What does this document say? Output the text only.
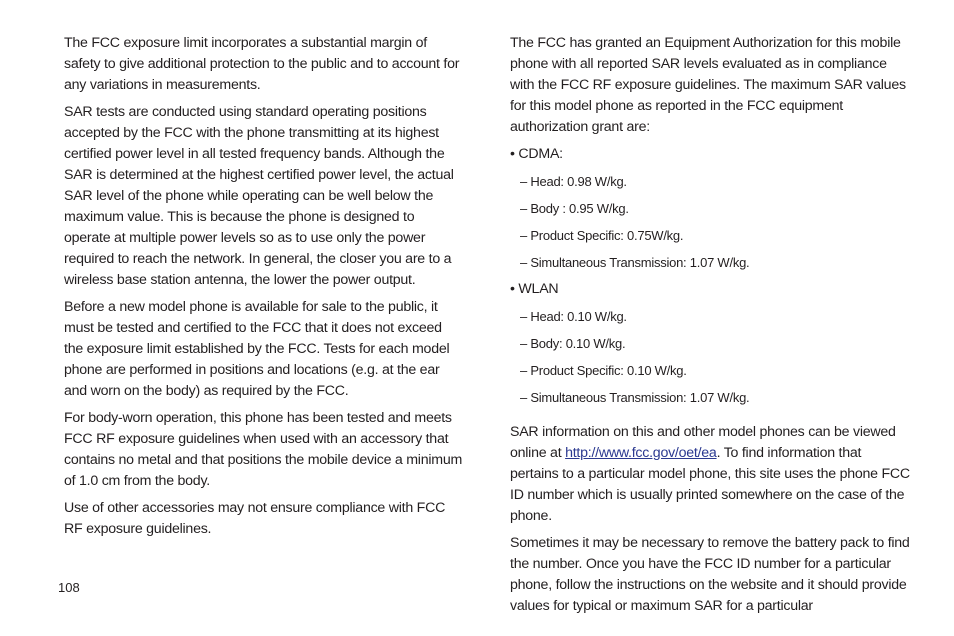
The FCC exposure limit incorporates a substantial margin of safety to give additional protection to the public and to account for any variations in measurements.

SAR tests are conducted using standard operating positions accepted by the FCC with the phone transmitting at its highest certified power level in all tested frequency bands. Although the SAR is determined at the highest certified power level, the actual SAR level of the phone while operating can be well below the maximum value. This is because the phone is designed to operate at multiple power levels so as to use only the power required to reach the network. In general, the closer you are to a wireless base station antenna, the lower the power output.

Before a new model phone is available for sale to the public, it must be tested and certified to the FCC that it does not exceed the exposure limit established by the FCC. Tests for each model phone are performed in positions and locations (e.g. at the ear and worn on the body) as required by the FCC.

For body-worn operation, this phone has been tested and meets FCC RF exposure guidelines when used with an accessory that contains no metal and that positions the mobile device a minimum of 1.0 cm from the body.

Use of other accessories may not ensure compliance with FCC RF exposure guidelines.

The FCC has granted an Equipment Authorization for this mobile phone with all reported SAR levels evaluated as in compliance with the FCC RF exposure guidelines. The maximum SAR values for this model phone as reported in the FCC equipment authorization grant are:

• CDMA:

– Head: 0.98 W/kg.

– Body : 0.95 W/kg.

– Product Specific: 0.75W/kg.

– Simultaneous Transmission: 1.07 W/kg.

• WLAN

– Head: 0.10 W/kg.

– Body: 0.10 W/kg.

– Product Specific: 0.10 W/kg.

– Simultaneous Transmission: 1.07 W/kg.

SAR information on this and other model phones can be viewed online at http://www.fcc.gov/oet/ea. To find information that pertains to a particular model phone, this site uses the phone FCC ID number which is usually printed somewhere on the case of the phone.

Sometimes it may be necessary to remove the battery pack to find the number. Once you have the FCC ID number for a particular phone, follow the instructions on the website and it should provide values for typical or maximum SAR for a particular

108
